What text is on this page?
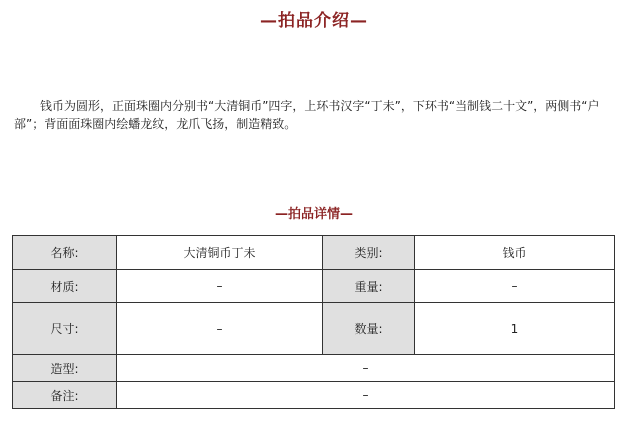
—拍品介绍—
钱币为圆形，正面珠圈内分别书“大清铜币”四字，上环书汉字“丁未”，下环书“当制钱二十文”，两侧书“户部”；背面面珠圈内绘蟠龙纹，龙爪飞扬，制造精致。
—拍品详情—
名称:	大清铜币丁未	类别:	钱币
材质:	–	重量:	–
尺寸:	–	数量:	1
造型:	–		
备注:	–		
